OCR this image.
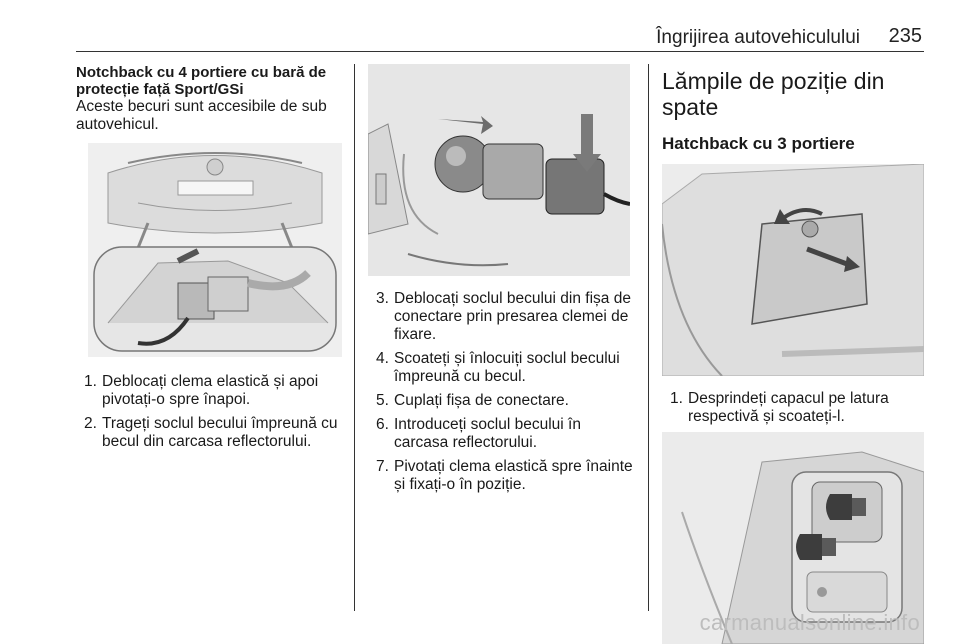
Îngrijirea autovehiculului 235

Notchback cu 4 portiere cu bară de protecție față Sport/GSi

Aceste becuri sunt accesibile de sub autovehicul.

1. Deblocați clema elastică și apoi pivotați-o spre înapoi.
2. Trageți soclul becului împreună cu becul din carcasa reflectorului.
3. Deblocați soclul becului din fișa de conectare prin presarea clemei de fixare.
4. Scoateți și înlocuiți soclul becului împreună cu becul.
5. Cuplați fișa de conectare.
6. Introduceți soclul becului în carcasa reflectorului.
7. Pivotați clema elastică spre înainte și fixați-o în poziție.
Lămpile de poziție din spate
Hatchback cu 3 portiere
1. Desprindeți capacul pe latura respectivă și scoateți-l.
carmanualsonline.info
